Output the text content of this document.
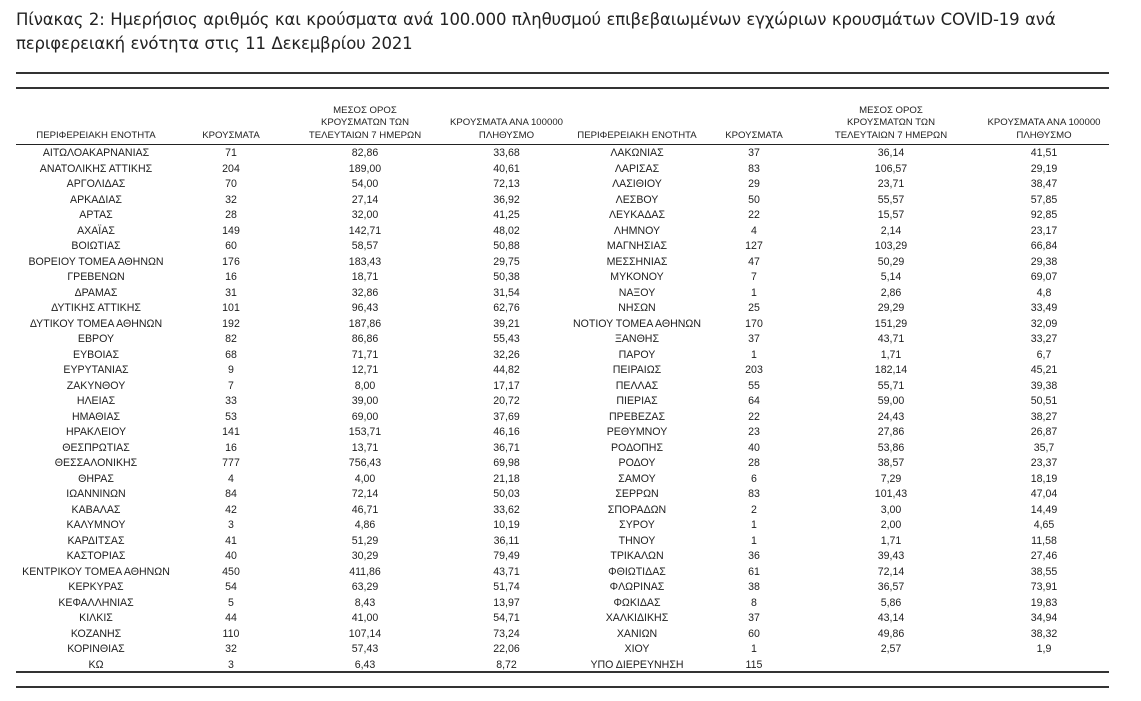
Πίνακας 2: Ημερήσιος αριθμός και κρούσματα ανά 100.000 πληθυσμού επιβεβαιωμένων εγχώριων κρουσμάτων COVID-19 ανά περιφερειακή ενότητα στις 11 Δεκεμβρίου 2021
ΠΕΡΙΦΕΡΕΙΑΚΗ ΕΝΟΤΗΤΑ	ΚΡΟΥΣΜΑΤΑ
ΜΕΣΟΣ ΟΡΟΣ
ΚΡΟΥΣΜΑΤΩΝ ΤΩΝ
ΤΕΛΕΥΤΑΙΩΝ 7 ΗΜΕΡΩΝ
ΚΡΟΥΣΜΑΤΑ ΑΝΑ 100000
ΠΛΗΘΥΣΜΟ	ΠΕΡΙΦΕΡΕΙΑΚΗ ΕΝΟΤΗΤΑ	ΚΡΟΥΣΜΑΤΑ
ΜΕΣΟΣ ΟΡΟΣ
ΚΡΟΥΣΜΑΤΩΝ ΤΩΝ
ΤΕΛΕΥΤΑΙΩΝ 7 ΗΜΕΡΩΝ
ΚΡΟΥΣΜΑΤΑ ΑΝΑ 100000
ΠΛΗΘΥΣΜΟ
ΑΙΤΩΛΟΑΚΑΡΝΑΝΙΑΣ	71	82,86	33,68	ΛΑΚΩΝΙΑΣ	37	36,14	41,51
ΑΝΑΤΟΛΙΚΗΣ ΑΤΤΙΚΗΣ	204	189,00	40,61	ΛΑΡΙΣΑΣ	83	106,57	29,19
ΑΡΓΟΛΙΔΑΣ	70	54,00	72,13	ΛΑΣΙΘΙΟΥ	29	23,71	38,47
ΑΡΚΑΔΙΑΣ	32	27,14	36,92	ΛΕΣΒΟΥ	50	55,57	57,85
ΑΡΤΑΣ	28	32,00	41,25	ΛΕΥΚΑΔΑΣ	22	15,57	92,85
ΑΧΑΪΑΣ	149	142,71	48,02	ΛΗΜΝΟΥ	4	2,14	23,17
ΒΟΙΩΤΙΑΣ	60	58,57	50,88	ΜΑΓΝΗΣΙΑΣ	127	103,29	66,84
ΒΟΡΕΙΟΥ ΤΟΜΕΑ ΑΘΗΝΩΝ	176	183,43	29,75	ΜΕΣΣΗΝΙΑΣ	47	50,29	29,38
ΓΡΕΒΕΝΩΝ	16	18,71	50,38	ΜΥΚΟΝΟΥ	7	5,14	69,07
ΔΡΑΜΑΣ	31	32,86	31,54	ΝΑΞΟΥ	1	2,86	4,8
ΔΥΤΙΚΗΣ ΑΤΤΙΚΗΣ	101	96,43	62,76	ΝΗΣΩΝ	25	29,29	33,49
ΔΥΤΙΚΟΥ ΤΟΜΕΑ ΑΘΗΝΩΝ	192	187,86	39,21	ΝΟΤΙΟΥ ΤΟΜΕΑ ΑΘΗΝΩΝ	170	151,29	32,09
ΕΒΡΟΥ	82	86,86	55,43	ΞΑΝΘΗΣ	37	43,71	33,27
ΕΥΒΟΙΑΣ	68	71,71	32,26	ΠΑΡΟΥ	1	1,71	6,7
ΕΥΡΥΤΑΝΙΑΣ	9	12,71	44,82	ΠΕΙΡΑΙΩΣ	203	182,14	45,21
ΖΑΚΥΝΘΟΥ	7	8,00	17,17	ΠΕΛΛΑΣ	55	55,71	39,38
ΗΛΕΙΑΣ	33	39,00	20,72	ΠΙΕΡΙΑΣ	64	59,00	50,51
ΗΜΑΘΙΑΣ	53	69,00	37,69	ΠΡΕΒΕΖΑΣ	22	24,43	38,27
ΗΡΑΚΛΕΙΟΥ	141	153,71	46,16	ΡΕΘΥΜΝΟΥ	23	27,86	26,87
ΘΕΣΠΡΩΤΙΑΣ	16	13,71	36,71	ΡΟΔΟΠΗΣ	40	53,86	35,7
ΘΕΣΣΑΛΟΝΙΚΗΣ	777	756,43	69,98	ΡΟΔΟΥ	28	38,57	23,37
ΘΗΡΑΣ	4	4,00	21,18	ΣΑΜΟΥ	6	7,29	18,19
ΙΩΑΝΝΙΝΩΝ	84	72,14	50,03	ΣΕΡΡΩΝ	83	101,43	47,04
ΚΑΒΑΛΑΣ	42	46,71	33,62	ΣΠΟΡΑΔΩΝ	2	3,00	14,49
ΚΑΛΥΜΝΟΥ	3	4,86	10,19	ΣΥΡΟΥ	1	2,00	4,65
ΚΑΡΔΙΤΣΑΣ	41	51,29	36,11	ΤΗΝΟΥ	1	1,71	11,58
ΚΑΣΤΟΡΙΑΣ	40	30,29	79,49	ΤΡΙΚΑΛΩΝ	36	39,43	27,46
ΚΕΝΤΡΙΚΟΥ ΤΟΜΕΑ ΑΘΗΝΩΝ	450	411,86	43,71	ΦΘΙΩΤΙΔΑΣ	61	72,14	38,55
ΚΕΡΚΥΡΑΣ	54	63,29	51,74	ΦΛΩΡΙΝΑΣ	38	36,57	73,91
ΚΕΦΑΛΛΗΝΙΑΣ	5	8,43	13,97	ΦΩΚΙΔΑΣ	8	5,86	19,83
ΚΙΛΚΙΣ	44	41,00	54,71	ΧΑΛΚΙΔΙΚΗΣ	37	43,14	34,94
ΚΟΖΑΝΗΣ	110	107,14	73,24	ΧΑΝΙΩΝ	60	49,86	38,32
ΚΟΡΙΝΘΙΑΣ	32	57,43	22,06	ΧΙΟΥ	1	2,57	1,9
ΚΩ	3	6,43	8,72	ΥΠΟ ΔΙΕΡΕΥΝΗΣΗ	115
